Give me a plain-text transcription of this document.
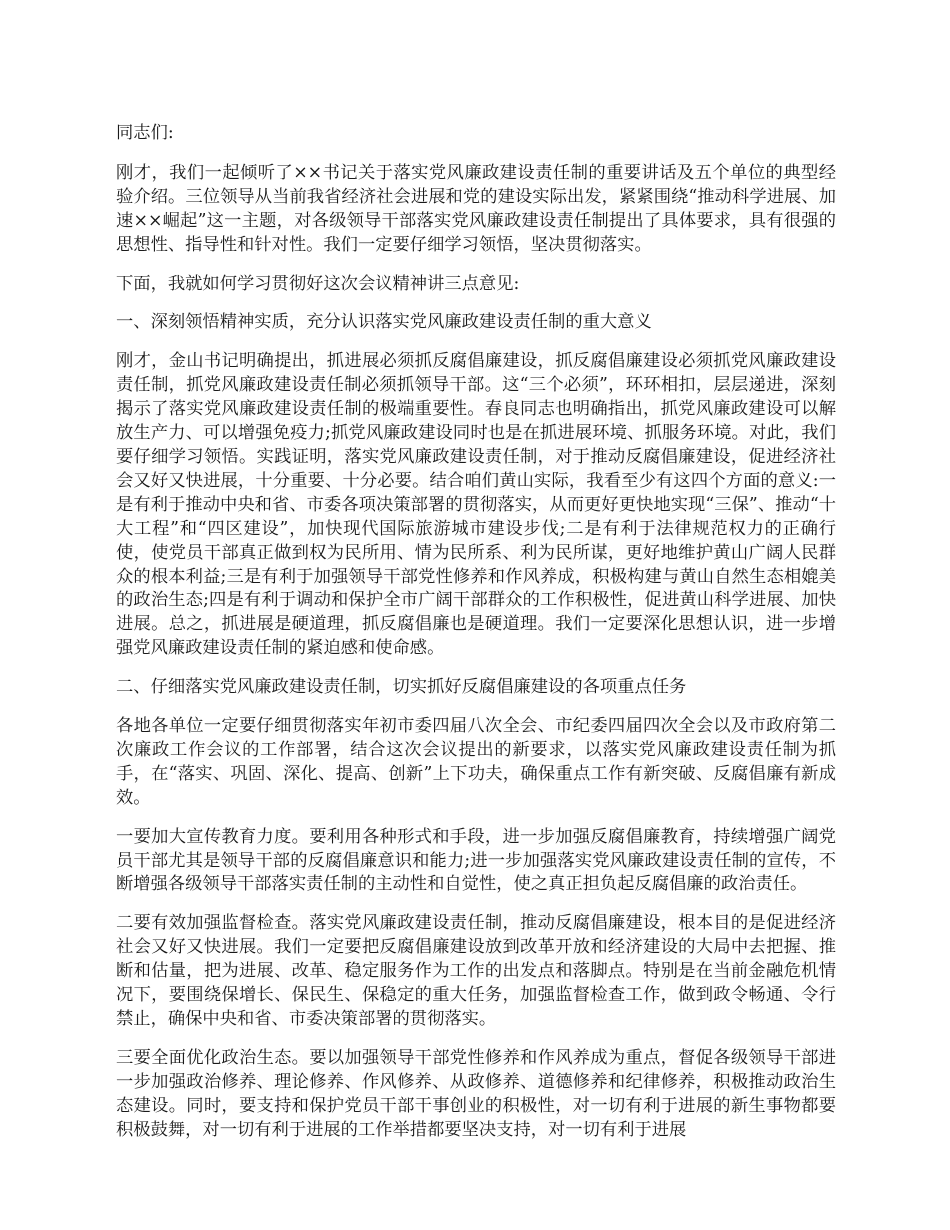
同志们:

刚才，我们一起倾听了××书记关于落实党风廉政建设责任制的重要讲话及五个单位的典型经验介绍。三位领导从当前我省经济社会进展和党的建设实际出发，紧紧围绕“推动科学进展、加速××崛起”这一主题，对各级领导干部落实党风廉政建设责任制提出了具体要求，具有很强的思想性、指导性和针对性。我们一定要仔细学习领悟，坚决贯彻落实。

下面，我就如何学习贯彻好这次会议精神讲三点意见:

一、深刻领悟精神实质，充分认识落实党风廉政建设责任制的重大意义

刚才，金山书记明确提出，抓进展必须抓反腐倡廉建设，抓反腐倡廉建设必须抓党风廉政建设责任制，抓党风廉政建设责任制必须抓领导干部。这“三个必须”，环环相扣，层层递进，深刻揭示了落实党风廉政建设责任制的极端重要性。春良同志也明确指出，抓党风廉政建设可以解放生产力、可以增强免疫力;抓党风廉政建设同时也是在抓进展环境、抓服务环境。对此，我们要仔细学习领悟。实践证明，落实党风廉政建设责任制，对于推动反腐倡廉建设，促进经济社会又好又快进展，十分重要、十分必要。结合咱们黄山实际，我看至少有这四个方面的意义:一是有利于推动中央和省、市委各项决策部署的贯彻落实，从而更好更快地实现“三保”、推动“十大工程”和“四区建设”，加快现代国际旅游城市建设步伐;二是有利于法律规范权力的正确行使，使党员干部真正做到权为民所用、情为民所系、利为民所谋，更好地维护黄山广阔人民群众的根本利益;三是有利于加强领导干部党性修养和作风养成，积极构建与黄山自然生态相媲美的政治生态;四是有利于调动和保护全市广阔干部群众的工作积极性，促进黄山科学进展、加快进展。总之，抓进展是硬道理，抓反腐倡廉也是硬道理。我们一定要深化思想认识，进一步增强党风廉政建设责任制的紧迫感和使命感。

二、仔细落实党风廉政建设责任制，切实抓好反腐倡廉建设的各项重点任务

各地各单位一定要仔细贯彻落实年初市委四届八次全会、市纪委四届四次全会以及市政府第二次廉政工作会议的工作部署，结合这次会议提出的新要求，以落实党风廉政建设责任制为抓手，在“落实、巩固、深化、提高、创新”上下功夫，确保重点工作有新突破、反腐倡廉有新成效。

一要加大宣传教育力度。要利用各种形式和手段，进一步加强反腐倡廉教育，持续增强广阔党员干部尤其是领导干部的反腐倡廉意识和能力;进一步加强落实党风廉政建设责任制的宣传，不断增强各级领导干部落实责任制的主动性和自觉性，使之真正担负起反腐倡廉的政治责任。

二要有效加强监督检查。落实党风廉政建设责任制，推动反腐倡廉建设，根本目的是促进经济社会又好又快进展。我们一定要把反腐倡廉建设放到改革开放和经济建设的大局中去把握、推断和估量，把为进展、改革、稳定服务作为工作的出发点和落脚点。特别是在当前金融危机情况下，要围绕保增长、保民生、保稳定的重大任务，加强监督检查工作，做到政令畅通、令行禁止，确保中央和省、市委决策部署的贯彻落实。

三要全面优化政治生态。要以加强领导干部党性修养和作风养成为重点，督促各级领导干部进一步加强政治修养、理论修养、作风修养、从政修养、道德修养和纪律修养，积极推动政治生态建设。同时，要支持和保护党员干部干事创业的积极性，对一切有利于进展的新生事物都要积极鼓舞，对一切有利于进展的工作举措都要坚决支持，对一切有利于进展
